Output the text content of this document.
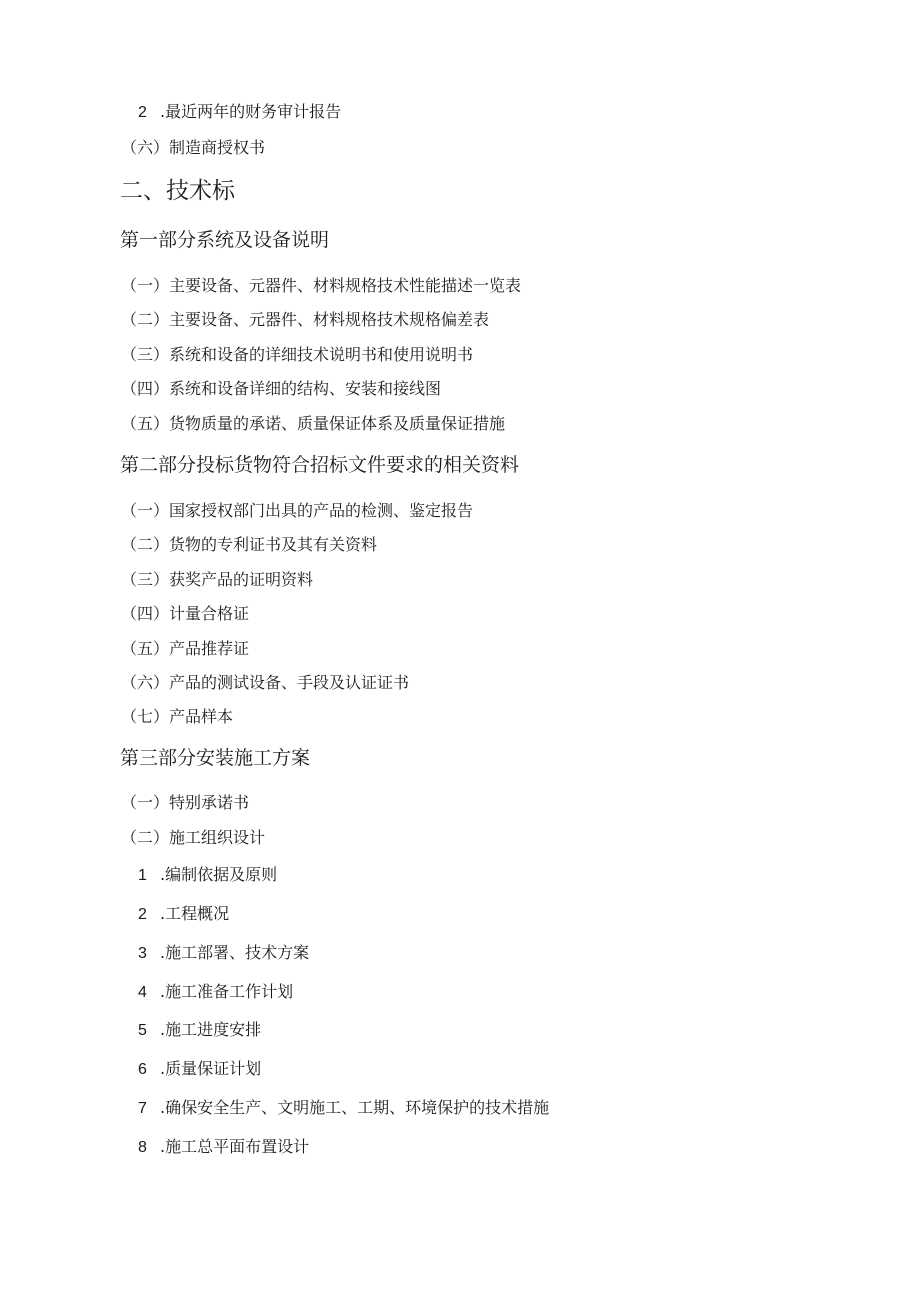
2 .最近两年的财务审计报告
（六）制造商授权书
二、技术标
第一部分系统及设备说明
（一）主要设备、元器件、材料规格技术性能描述一览表
（二）主要设备、元器件、材料规格技术规格偏差表
（三）系统和设备的详细技术说明书和使用说明书
（四）系统和设备详细的结构、安装和接线图
（五）货物质量的承诺、质量保证体系及质量保证措施
第二部分投标货物符合招标文件要求的相关资料
（一）国家授权部门出具的产品的检测、鉴定报告
（二）货物的专利证书及其有关资料
（三）获奖产品的证明资料
（四）计量合格证
（五）产品推荐证
（六）产品的测试设备、手段及认证证书
（七）产品样本
第三部分安装施工方案
（一）特别承诺书
（二）施工组织设计
1 .编制依据及原则
2 .工程概况
3 .施工部署、技术方案
4 .施工准备工作计划
5 .施工进度安排
6 .质量保证计划
7 .确保安全生产、文明施工、工期、环境保护的技术措施
8 .施工总平面布置设计
